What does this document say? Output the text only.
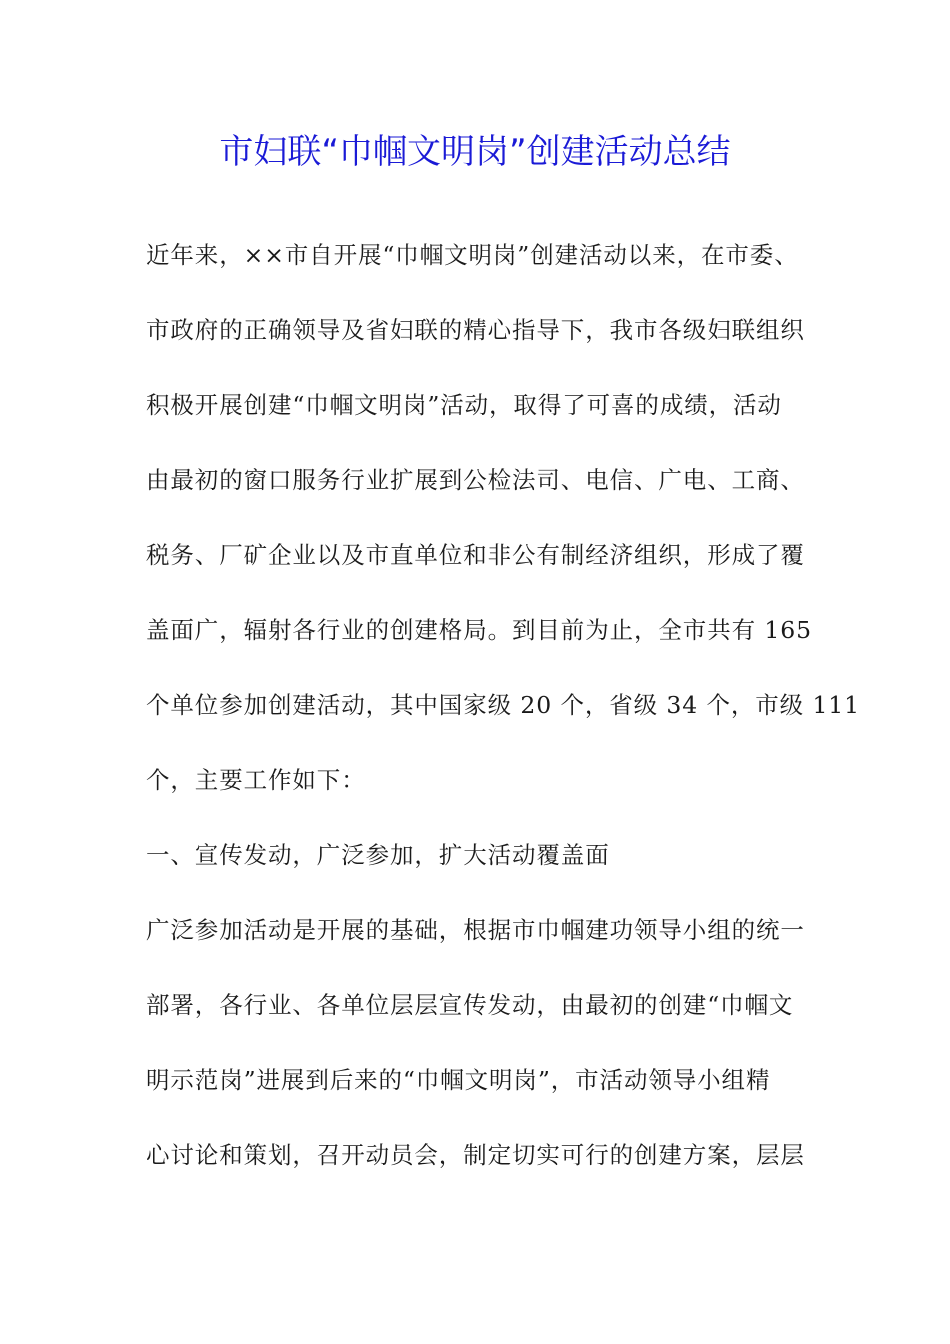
市妇联“巾帼文明岗”创建活动总结
近年来，××市自开展“巾帼文明岗”创建活动以来，在市委、
市政府的正确领导及省妇联的精心指导下，我市各级妇联组织
积极开展创建“巾帼文明岗”活动，取得了可喜的成绩，活动
由最初的窗口服务行业扩展到公检法司、电信、广电、工商、
税务、厂矿企业以及市直单位和非公有制经济组织，形成了覆
盖面广，辐射各行业的创建格局。到目前为止，全市共有 165
个单位参加创建活动，其中国家级 20 个，省级 34 个，市级 111
个，主要工作如下：
一、宣传发动，广泛参加，扩大活动覆盖面
广泛参加活动是开展的基础，根据市巾帼建功领导小组的统一
部署，各行业、各单位层层宣传发动，由最初的创建“巾帼文
明示范岗”进展到后来的“巾帼文明岗”，市活动领导小组精
心讨论和策划，召开动员会，制定切实可行的创建方案，层层
